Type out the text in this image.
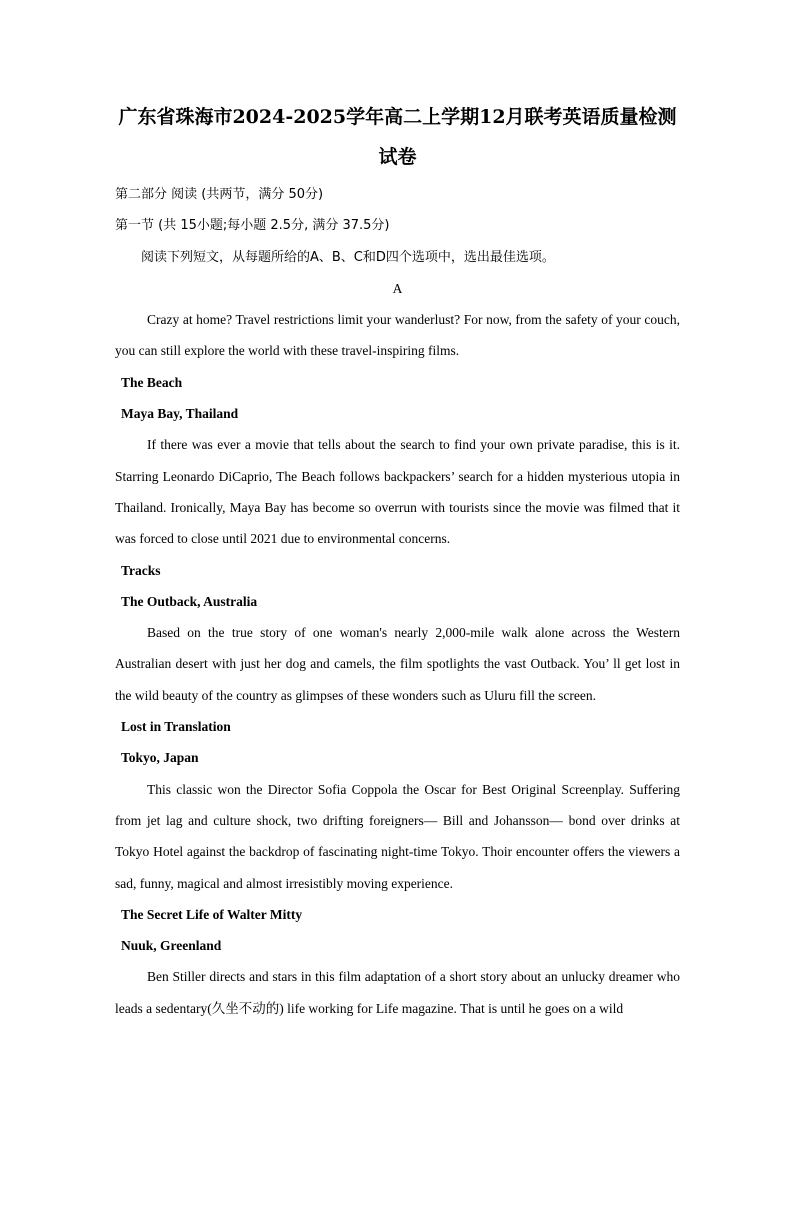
广东省珠海市2024-2025学年高二上学期12月联考英语质量检测
试卷

第二部分 阅读 (共两节，满分 50分)

第一节 (共 15小题;每小题 2.5分, 满分 37.5分)

阅读下列短文，从每题所给的A、B、C和D四个选项中，选出最佳选项。

A

Crazy at home? Travel restrictions limit your wanderlust? For now, from the safety of your couch, you can still explore the world with these travel-inspiring films.

The Beach

Maya Bay, Thailand

If there was ever a movie that tells about the search to find your own private paradise, this is it. Starring Leonardo DiCaprio, The Beach follows backpackers’ search for a hidden mysterious utopia in Thailand. Ironically, Maya Bay has become so overrun with tourists since the movie was filmed that it was forced to close until 2021 due to environmental concerns.

Tracks

The Outback, Australia

Based on the true story of one woman's nearly 2,000-mile walk alone across the Western Australian desert with just her dog and camels, the film spotlights the vast Outback. You’ ll get lost in the wild beauty of the country as glimpses of these wonders such as Uluru fill the screen.

Lost in Translation

Tokyo, Japan

This classic won the Director Sofia Coppola the Oscar for Best Original Screenplay. Suffering from jet lag and culture shock, two drifting foreigners— Bill and Johansson— bond over drinks at Tokyo Hotel against the backdrop of fascinating night-time Tokyo. Thoir encounter offers the viewers a sad, funny, magical and almost irresistibly moving experience.

The Secret Life of Walter Mitty

Nuuk, Greenland

Ben Stiller directs and stars in this film adaptation of a short story about an unlucky dreamer who leads a sedentary(久坐不动的) life working for Life magazine. That is until he goes on a wild
